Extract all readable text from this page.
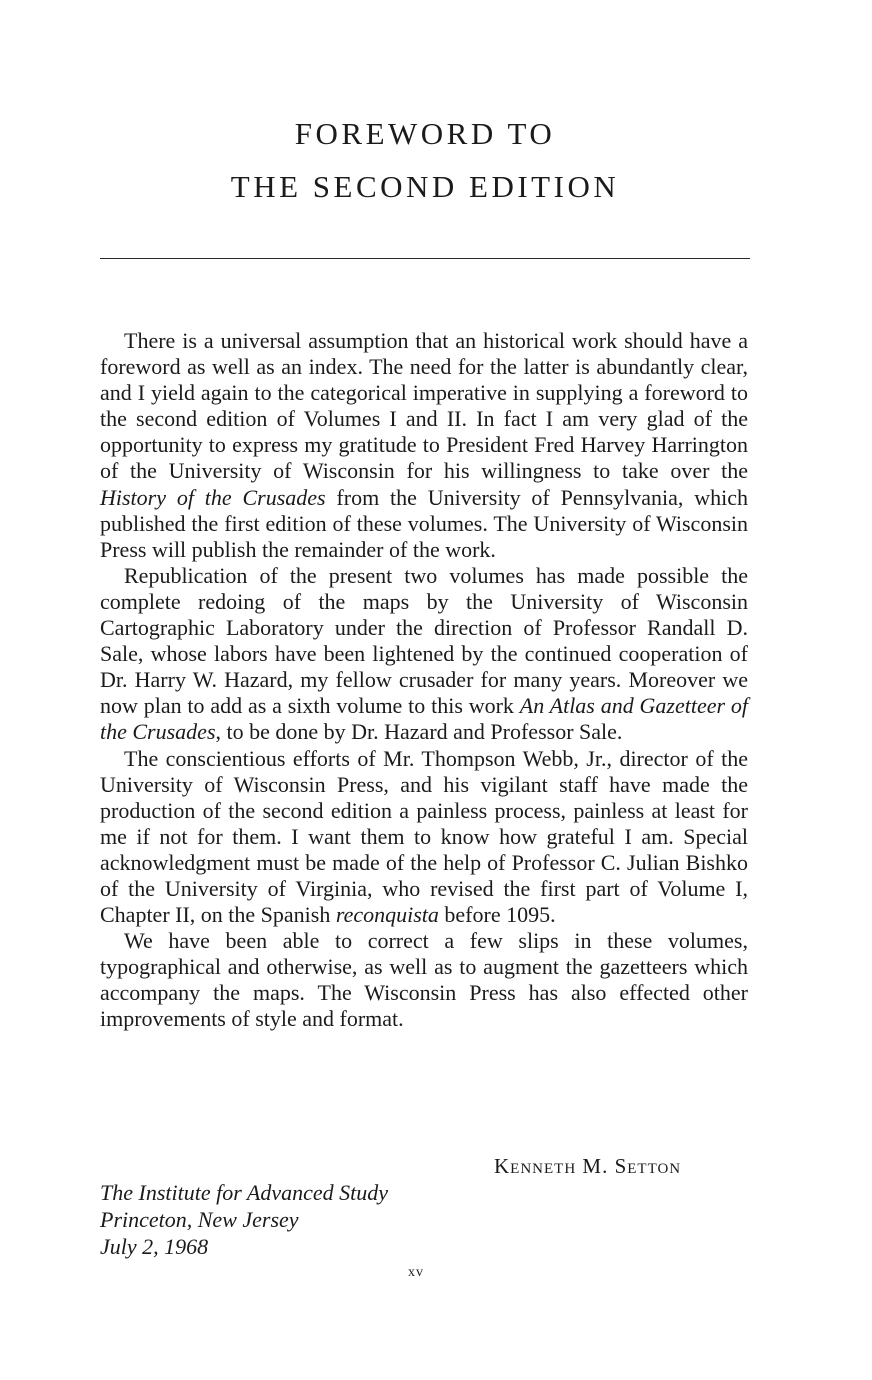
FOREWORD TO
THE SECOND EDITION

There is a universal assumption that an historical work should have a foreword as well as an index. The need for the latter is abundantly clear, and I yield again to the categorical imperative in supplying a foreword to the second edition of Volumes I and II. In fact I am very glad of the opportunity to express my gratitude to President Fred Harvey Harrington of the University of Wisconsin for his willingness to take over the History of the Crusades from the University of Pennsylvania, which published the first edition of these volumes. The University of Wisconsin Press will publish the remainder of the work.

Republication of the present two volumes has made possible the complete redoing of the maps by the University of Wisconsin Cartographic Laboratory under the direction of Professor Randall D. Sale, whose labors have been lightened by the continued cooperation of Dr. Harry W. Hazard, my fellow crusader for many years. Moreover we now plan to add as a sixth volume to this work An Atlas and Gazetteer of the Crusades, to be done by Dr. Hazard and Professor Sale.

The conscientious efforts of Mr. Thompson Webb, Jr., director of the University of Wisconsin Press, and his vigilant staff have made the production of the second edition a painless process, painless at least for me if not for them. I want them to know how grateful I am. Special acknowledgment must be made of the help of Professor C. Julian Bishko of the University of Virginia, who revised the first part of Volume I, Chapter II, on the Spanish reconquista before 1095.

We have been able to correct a few slips in these volumes, typographical and otherwise, as well as to augment the gazetteers which accompany the maps. The Wisconsin Press has also effected other improvements of style and format.

Kenneth M. Setton
The Institute for Advanced Study
Princeton, New Jersey
July 2, 1968
xv
